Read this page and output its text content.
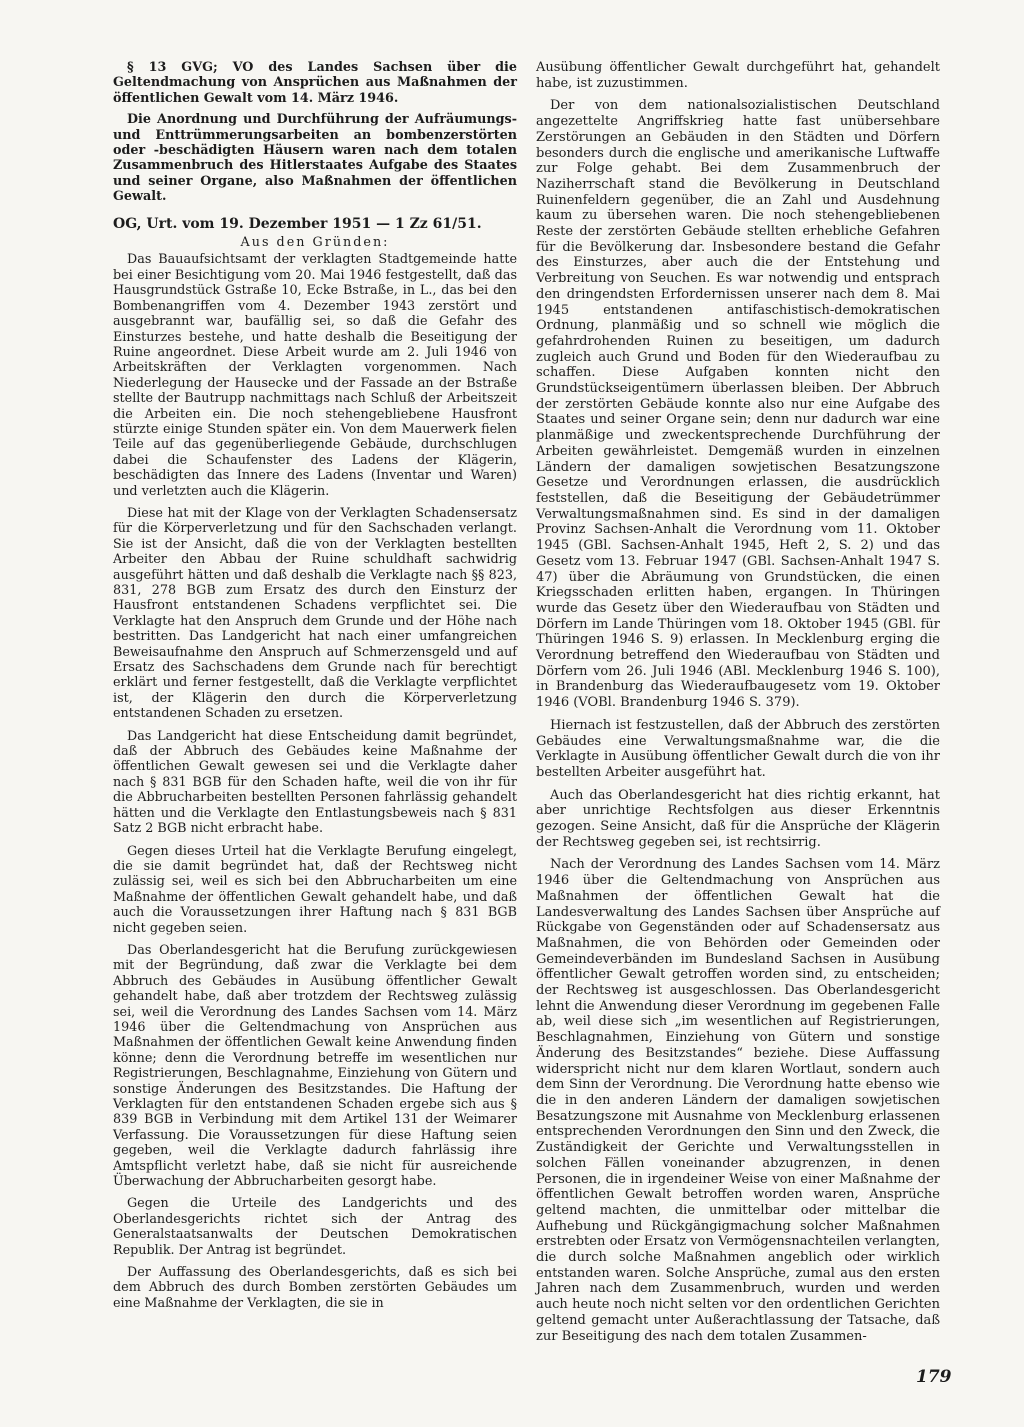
§ 13 GVG; VO des Landes Sachsen über die Geltendmachung von Ansprüchen aus Maßnahmen der öffentlichen Gewalt vom 14. März 1946.

Die Anordnung und Durchführung der Aufräumungs- und Enttrümmerungsarbeiten an bombenzerstörten oder -beschädigten Häusern waren nach dem totalen Zusammenbruch des Hitlerstaates Aufgabe des Staates und seiner Organe, also Maßnahmen der öffentlichen Gewalt.

OG, Urt. vom 19. Dezember 1951 — 1 Zz 61/51.

Aus den Gründen:

Das Bauaufsichtsamt der verklagten Stadtgemeinde hatte bei einer Besichtigung vom 20. Mai 1946 festgestellt, daß das Hausgrundstück Gstraße 10, Ecke Bstraße, in L., das bei den Bombenangriffen vom 4. Dezember 1943 zerstört und ausgebrannt war, baufällig sei, so daß die Gefahr des Einsturzes bestehe, und hatte deshalb die Beseitigung der Ruine angeordnet. Diese Arbeit wurde am 2. Juli 1946 von Arbeitskräften der Verklagten vorgenommen. Nach Niederlegung der Hausecke und der Fassade an der Bstraße stellte der Bautrupp nachmittags nach Schluß der Arbeitszeit die Arbeiten ein. Die noch stehengebliebene Hausfront stürzte einige Stunden später ein. Von dem Mauerwerk fielen Teile auf das gegenüberliegende Gebäude, durchschlugen dabei die Schaufenster des Ladens der Klägerin, beschädigten das Innere des Ladens (Inventar und Waren) und verletzten auch die Klägerin.

Diese hat mit der Klage von der Verklagten Schadensersatz für die Körperverletzung und für den Sachschaden verlangt. Sie ist der Ansicht, daß die von der Verklagten bestellten Arbeiter den Abbau der Ruine schuldhaft sachwidrig ausgeführt hätten und daß deshalb die Verklagte nach §§ 823, 831, 278 BGB zum Ersatz des durch den Einsturz der Hausfront entstandenen Schadens verpflichtet sei. Die Verklagte hat den Anspruch dem Grunde und der Höhe nach bestritten. Das Landgericht hat nach einer umfangreichen Beweisaufnahme den Anspruch auf Schmerzensgeld und auf Ersatz des Sachschadens dem Grunde nach für berechtigt erklärt und ferner festgestellt, daß die Verklagte verpflichtet ist, der Klägerin den durch die Körperverletzung entstandenen Schaden zu ersetzen.

Das Landgericht hat diese Entscheidung damit begründet, daß der Abbruch des Gebäudes keine Maßnahme der öffentlichen Gewalt gewesen sei und die Verklagte daher nach § 831 BGB für den Schaden hafte, weil die von ihr für die Abbrucharbeiten bestellten Personen fahrlässig gehandelt hätten und die Verklagte den Entlastungsbeweis nach § 831 Satz 2 BGB nicht erbracht habe.

Gegen dieses Urteil hat die Verklagte Berufung eingelegt, die sie damit begründet hat, daß der Rechtsweg nicht zulässig sei, weil es sich bei den Abbrucharbeiten um eine Maßnahme der öffentlichen Gewalt gehandelt habe, und daß auch die Voraussetzungen ihrer Haftung nach § 831 BGB nicht gegeben seien.

Das Oberlandesgericht hat die Berufung zurückgewiesen mit der Begründung, daß zwar die Verklagte bei dem Abbruch des Gebäudes in Ausübung öffentlicher Gewalt gehandelt habe, daß aber trotzdem der Rechtsweg zulässig sei, weil die Verordnung des Landes Sachsen vom 14. März 1946 über die Geltendmachung von Ansprüchen aus Maßnahmen der öffentlichen Gewalt keine Anwendung finden könne; denn die Verordnung betreffe im wesentlichen nur Registrierungen, Beschlagnahme, Einziehung von Gütern und sonstige Änderungen des Besitzstandes. Die Haftung der Verklagten für den entstandenen Schaden ergebe sich aus § 839 BGB in Verbindung mit dem Artikel 131 der Weimarer Verfassung. Die Voraussetzungen für diese Haftung seien gegeben, weil die Verklagte dadurch fahrlässig ihre Amtspflicht verletzt habe, daß sie nicht für ausreichende Überwachung der Abbrucharbeiten gesorgt habe.

Gegen die Urteile des Landgerichts und des Oberlandesgerichts richtet sich der Antrag des Generalstaatsanwalts der Deutschen Demokratischen Republik. Der Antrag ist begründet.

Der Auffassung des Oberlandesgerichts, daß es sich bei dem Abbruch des durch Bomben zerstörten Gebäudes um eine Maßnahme der Verklagten, die sie in

Ausübung öffentlicher Gewalt durchgeführt hat, gehandelt habe, ist zuzustimmen.

Der von dem nationalsozialistischen Deutschland angezettelte Angriffskrieg hatte fast unübersehbare Zerstörungen an Gebäuden in den Städten und Dörfern besonders durch die englische und amerikanische Luftwaffe zur Folge gehabt. Bei dem Zusammenbruch der Naziherrschaft stand die Bevölkerung in Deutschland Ruinenfeldern gegenüber, die an Zahl und Ausdehnung kaum zu übersehen waren. Die noch stehengebliebenen Reste der zerstörten Gebäude stellten erhebliche Gefahren für die Bevölkerung dar. Insbesondere bestand die Gefahr des Einsturzes, aber auch die der Entstehung und Verbreitung von Seuchen. Es war notwendig und entsprach den dringendsten Erfordernissen unserer nach dem 8. Mai 1945 entstandenen antifaschistisch-demokratischen Ordnung, planmäßig und so schnell wie möglich die gefahrdrohenden Ruinen zu beseitigen, um dadurch zugleich auch Grund und Boden für den Wiederaufbau zu schaffen. Diese Aufgaben konnten nicht den Grundstückseigentümern überlassen bleiben. Der Abbruch der zerstörten Gebäude konnte also nur eine Aufgabe des Staates und seiner Organe sein; denn nur dadurch war eine planmäßige und zweckentsprechende Durchführung der Arbeiten gewährleistet. Demgemäß wurden in einzelnen Ländern der damaligen sowjetischen Besatzungszone Gesetze und Verordnungen erlassen, die ausdrücklich feststellen, daß die Beseitigung der Gebäudetrümmer Verwaltungsmaßnahmen sind. Es sind in der damaligen Provinz Sachsen-Anhalt die Verordnung vom 11. Oktober 1945 (GBl. Sachsen-Anhalt 1945, Heft 2, S. 2) und das Gesetz vom 13. Februar 1947 (GBl. Sachsen-Anhalt 1947 S. 47) über die Abräumung von Grundstücken, die einen Kriegsschaden erlitten haben, ergangen. In Thüringen wurde das Gesetz über den Wiederaufbau von Städten und Dörfern im Lande Thüringen vom 18. Oktober 1945 (GBl. für Thüringen 1946 S. 9) erlassen. In Mecklenburg erging die Verordnung betreffend den Wiederaufbau von Städten und Dörfern vom 26. Juli 1946 (ABl. Mecklenburg 1946 S. 100), in Brandenburg das Wiederaufbaugesetz vom 19. Oktober 1946 (VOBl. Brandenburg 1946 S. 379).

Hiernach ist festzustellen, daß der Abbruch des zerstörten Gebäudes eine Verwaltungsmaßnahme war, die die Verklagte in Ausübung öffentlicher Gewalt durch die von ihr bestellten Arbeiter ausgeführt hat.

Auch das Oberlandesgericht hat dies richtig erkannt, hat aber unrichtige Rechtsfolgen aus dieser Erkenntnis gezogen. Seine Ansicht, daß für die Ansprüche der Klägerin der Rechtsweg gegeben sei, ist rechtsirrig.

Nach der Verordnung des Landes Sachsen vom 14. März 1946 über die Geltendmachung von Ansprüchen aus Maßnahmen der öffentlichen Gewalt hat die Landesverwaltung des Landes Sachsen über Ansprüche auf Rückgabe von Gegenständen oder auf Schadensersatz aus Maßnahmen, die von Behörden oder Gemeinden oder Gemeindeverbänden im Bundesland Sachsen in Ausübung öffentlicher Gewalt getroffen worden sind, zu entscheiden; der Rechtsweg ist ausgeschlossen. Das Oberlandesgericht lehnt die Anwendung dieser Verordnung im gegebenen Falle ab, weil diese sich „im wesentlichen auf Registrierungen, Beschlagnahmen, Einziehung von Gütern und sonstige Änderung des Besitzstandes“ beziehe. Diese Auffassung widerspricht nicht nur dem klaren Wortlaut, sondern auch dem Sinn der Verordnung. Die Verordnung hatte ebenso wie die in den anderen Ländern der damaligen sowjetischen Besatzungszone mit Ausnahme von Mecklenburg erlassenen entsprechenden Verordnungen den Sinn und den Zweck, die Zuständigkeit der Gerichte und Verwaltungsstellen in solchen Fällen voneinander abzugrenzen, in denen Personen, die in irgendeiner Weise von einer Maßnahme der öffentlichen Gewalt betroffen worden waren, Ansprüche geltend machten, die unmittelbar oder mittelbar die Aufhebung und Rückgängigmachung solcher Maßnahmen erstrebten oder Ersatz von Vermögensnachteilen verlangten, die durch solche Maßnahmen angeblich oder wirklich entstanden waren. Solche Ansprüche, zumal aus den ersten Jahren nach dem Zusammenbruch, wurden und werden auch heute noch nicht selten vor den ordentlichen Gerichten geltend gemacht unter Außerachtlassung der Tatsache, daß zur Beseitigung des nach dem totalen Zusammen-

179
